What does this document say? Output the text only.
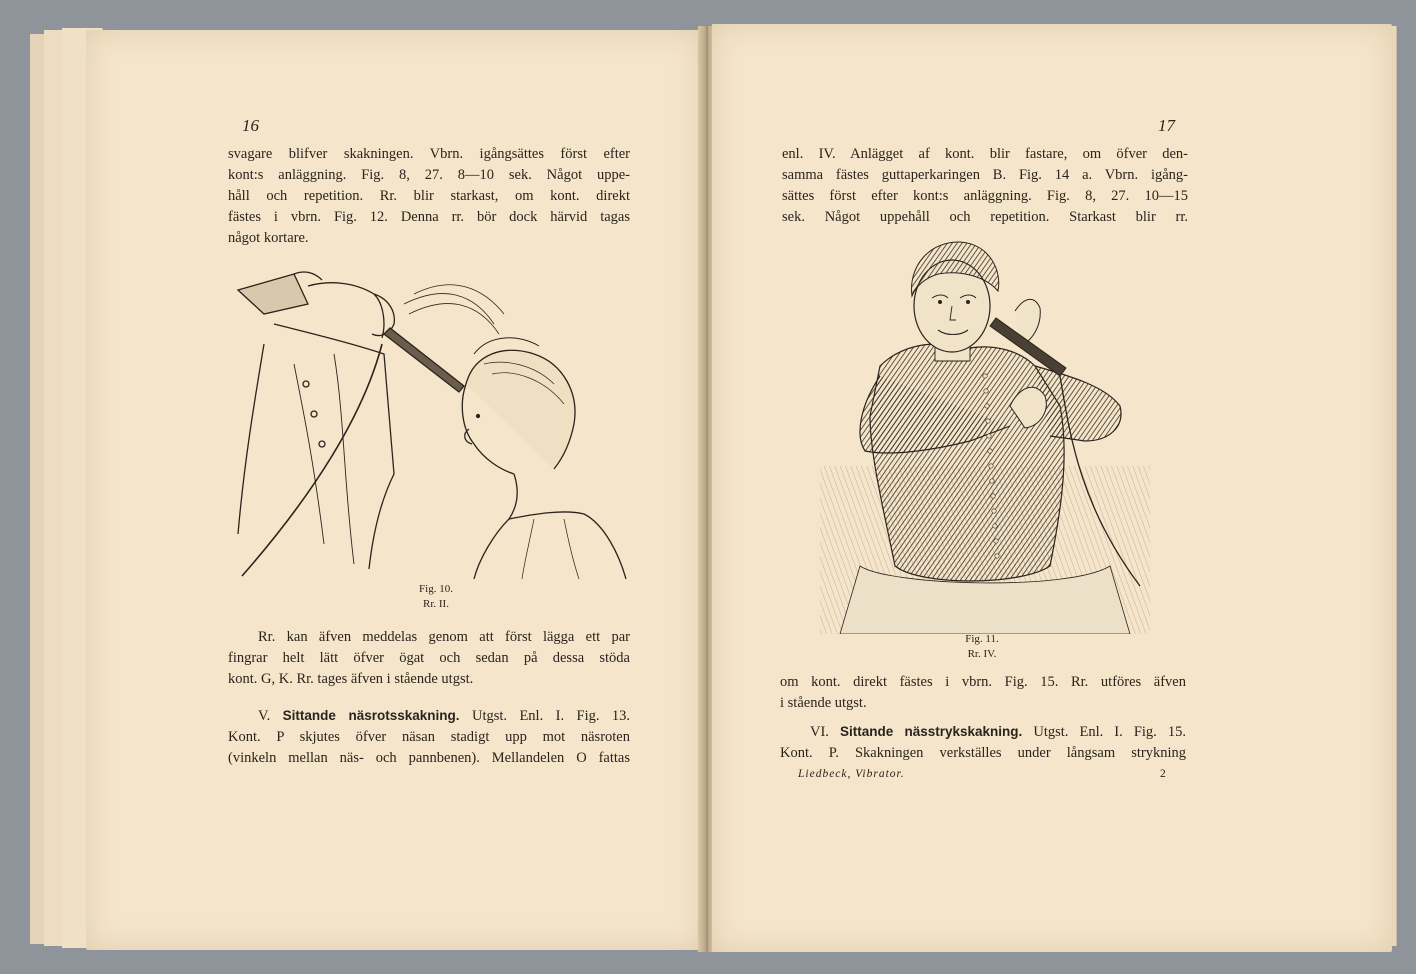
16
svagare blifver skakningen. Vbrn. igångsättes först efter
kont:s anläggning. Fig. 8, 27. 8—10 sek. Något uppe-
håll och repetition. Rr. blir starkast, om kont. direkt
fästes i vbrn. Fig. 12. Denna rr. bör dock härvid tagas
något kortare.
Fig. 10.
Rr. II.
Rr. kan äfven meddelas genom att först lägga ett par
fingrar helt lätt öfver ögat och sedan på dessa stöda
kont. G, K. Rr. tages äfven i stående utgst.
V. Sittande näsrotsskakning. Utgst. Enl. I. Fig. 13.
Kont. P skjutes öfver näsan stadigt upp mot näsroten
(vinkeln mellan näs- och pannbenen). Mellandelen O fattas
17
enl. IV. Anlägget af kont. blir fastare, om öfver den-
samma fästes guttaperkaringen B. Fig. 14 a. Vbrn. igång-
sättes först efter kont:s anläggning. Fig. 8, 27. 10—15
sek. Något uppehåll och repetition. Starkast blir rr.
Fig. 11.
Rr. IV.
om kont. direkt fästes i vbrn. Fig. 15. Rr. utföres äfven
i stående utgst.
VI. Sittande nässtrykskakning. Utgst. Enl. I. Fig. 15.
Kont. P. Skakningen verkställes under långsam strykning
Liedbeck, Vibrator.	2
